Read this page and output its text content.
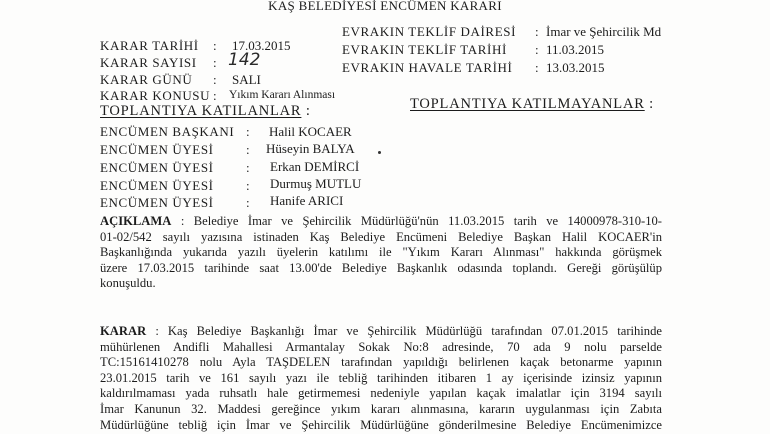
KAŞ BELEDİYESİ ENCÜMEN KARARI
KARAR TARİHİ : 17.03.2015
KARAR SAYISI : 142
KARAR GÜNÜ : SALI
KARAR KONUSU : Yıkım Kararı Alınması
EVRAKIN TEKLİF DAİRESİ : İmar ve Şehircilik Md
EVRAKIN TEKLİF TARİHİ : 11.03.2015
EVRAKIN HAVALE TARİHİ : 13.03.2015
TOPLANTIYA KATILANLAR :	TOPLANTIYA KATILMAYANLAR :
ENCÜMEN BAŞKANI : Halil KOCAER
ENCÜMEN ÜYESİ : Hüseyin BALYA
ENCÜMEN ÜYESİ : Erkan DEMİRCİ
ENCÜMEN ÜYESİ : Durmuş MUTLU
ENCÜMEN ÜYESİ : Hanife ARICI
AÇIKLAMA : Belediye İmar ve Şehircilik Müdürlüğü'nün 11.03.2015 tarih ve 14000978-310-10-
01-02/542 sayılı yazısına istinaden Kaş Belediye Encümeni Belediye Başkan Halil KOCAER'in
Başkanlığında yukarıda yazılı üyelerin katılımı ile "Yıkım Kararı Alınması" hakkında görüşmek
üzere 17.03.2015 tarihinde saat 13.00'de Belediye Başkanlık odasında toplandı. Gereği görüşülüp
konuşuldu.
KARAR : Kaş Belediye Başkanlığı İmar ve Şehircilik Müdürlüğü tarafından 07.01.2015 tarihinde
mühürlenen Andifli Mahallesi Armantalay Sokak No:8 adresinde, 70 ada 9 nolu parselde
TC:15161410278 nolu Ayla TAŞDELEN tarafından yapıldığı belirlenen kaçak betonarme yapının
23.01.2015 tarih ve 161 sayılı yazı ile tebliğ tarihinden itibaren 1 ay içerisinde izinsiz yapının
kaldırılmaması yada ruhsatlı hale getirmemesi nedeniyle yapılan kaçak imalatlar için 3194 sayılı
İmar Kanunun 32. Maddesi gereğince yıkım kararı alınmasına, kararın uygulanması için Zabıta
Müdürlüğüne tebliğ için İmar ve Şehircilik Müdürlüğüne gönderilmesine Belediye Encümenimizce
